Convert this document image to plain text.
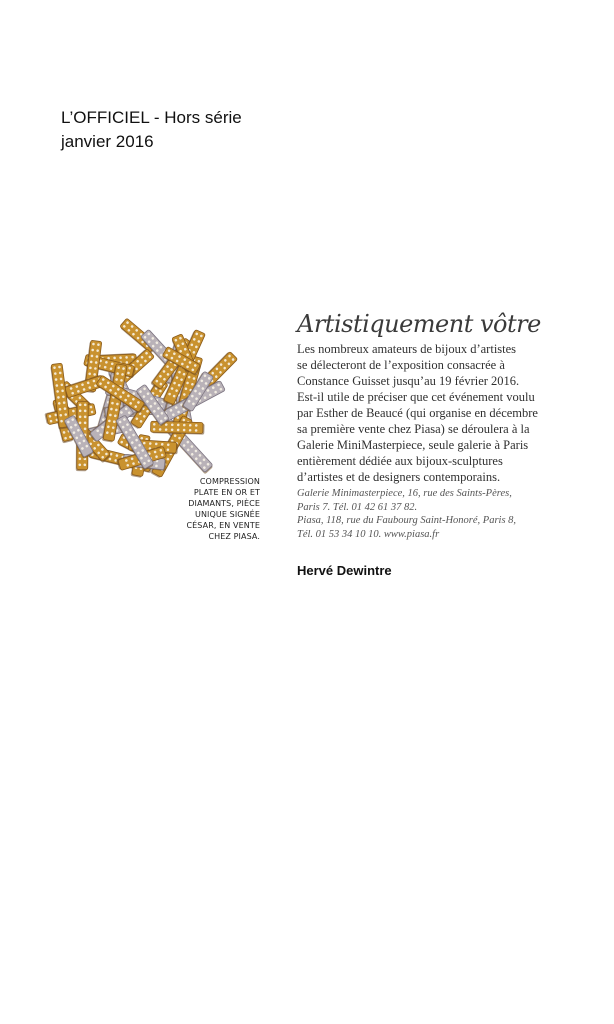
L’OFFICIEL - Hors série
janvier 2016
COMPRESSION
PLATE EN OR ET
DIAMANTS, PIÈCE
UNIQUE SIGNÉE
CÉSAR, EN VENTE
CHEZ PIASA.
Artistiquement vôtre
Les nombreux amateurs de bijoux d’artistes
se délecteront de l’exposition consacrée à
Constance Guisset jusqu’au 19 février 2016.
Est-il utile de préciser que cet événement voulu
par Esther de Beaucé (qui organise en décembre
sa première vente chez Piasa) se déroulera à la
Galerie MiniMasterpiece, seule galerie à Paris
entièrement dédiée aux bijoux-sculptures
d’artistes et de designers contemporains.
Galerie Minimasterpiece, 16, rue des Saints-Pères,
Paris 7. Tél. 01 42 61 37 82.
Piasa, 118, rue du Faubourg Saint-Honoré, Paris 8,
Tél. 01 53 34 10 10. www.piasa.fr
Hervé Dewintre
